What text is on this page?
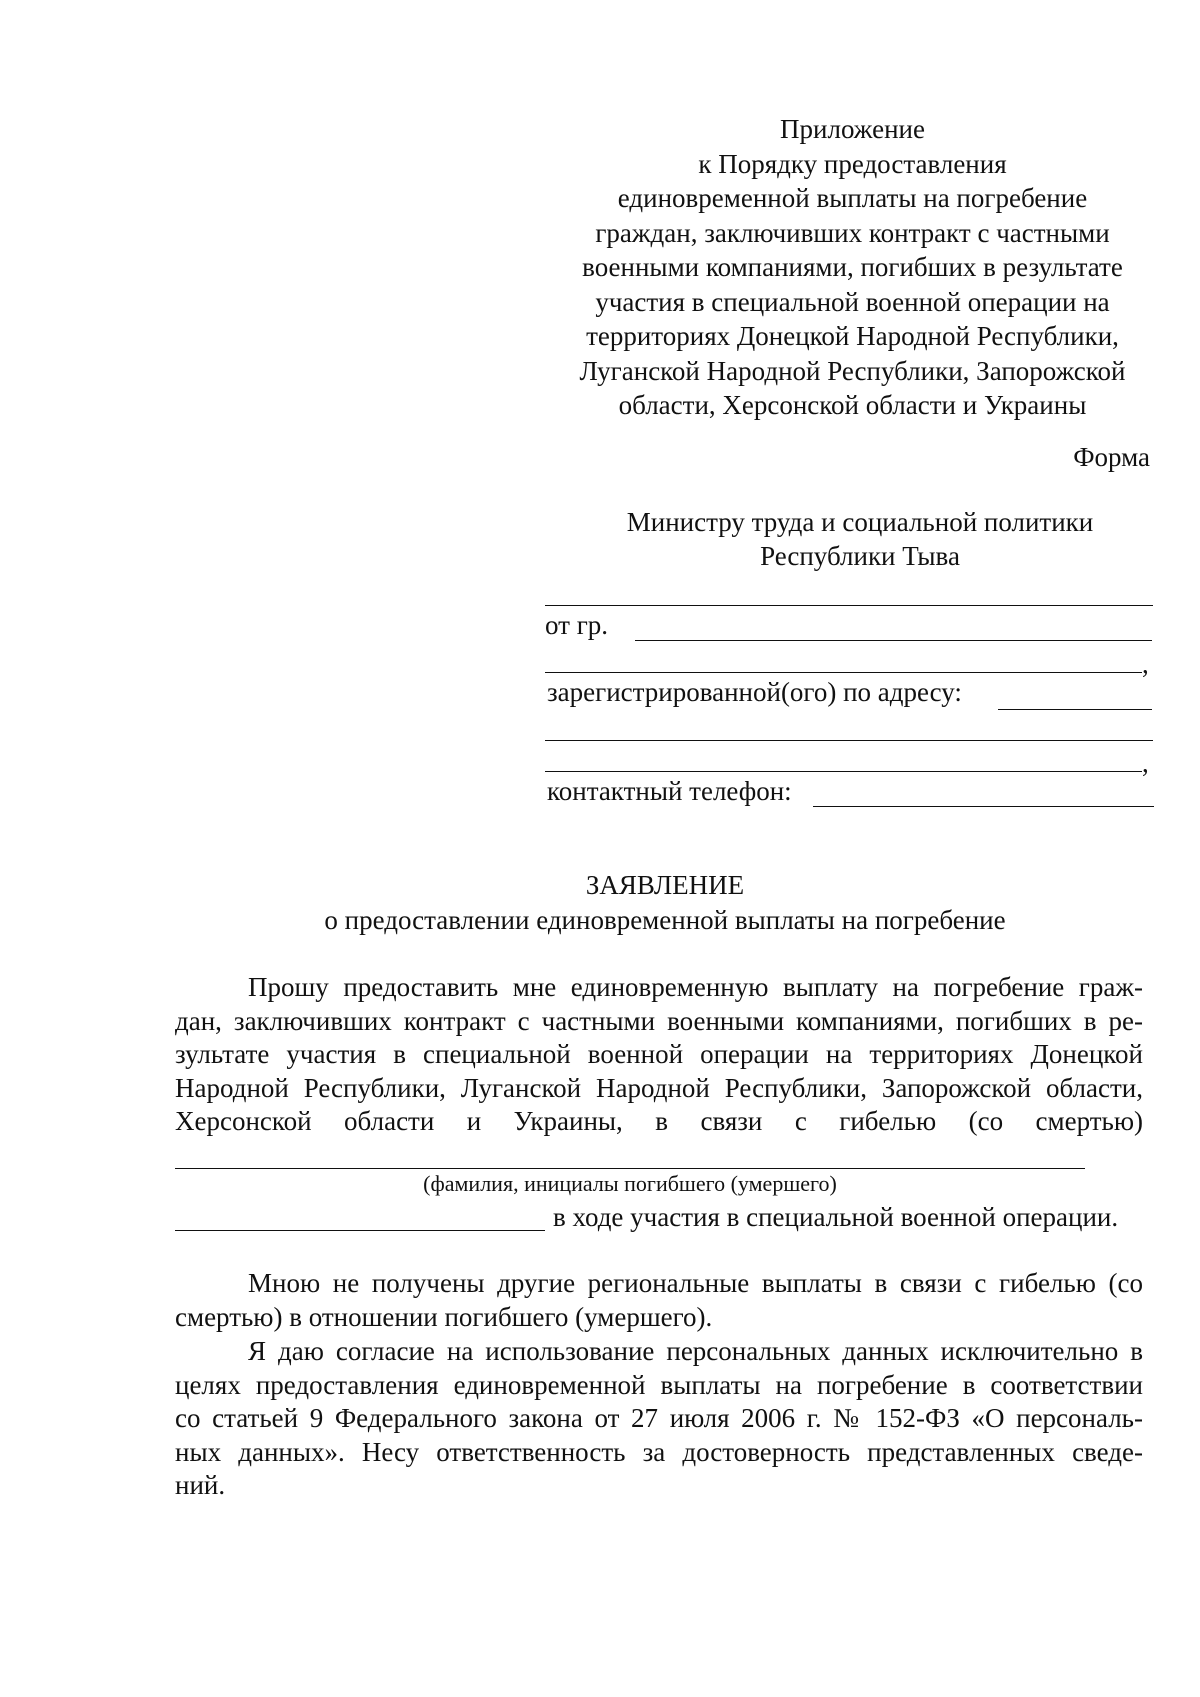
Приложение
к Порядку предоставления
единовременной выплаты на погребение
граждан, заключивших контракт с частными
военными компаниями, погибших в результате
участия в специальной военной операции на
территориях Донецкой Народной Республики,
Луганской Народной Республики, Запорожской
области, Херсонской области и Украины
Форма
Министру труда и социальной политики
Республики Тыва
от гр.
,
зарегистрированной(ого) по адресу:
,
контактный телефон:
ЗАЯВЛЕНИЕ
о предоставлении единовременной выплаты на погребение
Прошу предоставить мне единовременную выплату на погребение граж-
дан, заключивших контракт с частными военными компаниями, погибших в ре-
зультате участия в специальной военной операции на территориях Донецкой
Народной Республики, Луганской Народной Республики, Запорожской области,
Херсонской области и Украины, в связи с гибелью (со смертью)
(фамилия, инициалы погибшего (умершего)
в ходе участия в специальной военной операции.
Мною не получены другие региональные выплаты в связи с гибелью (со
смертью) в отношении погибшего (умершего).
Я даю согласие на использование персональных данных исключительно в
целях предоставления единовременной выплаты на погребение в соответствии
со статьей 9 Федерального закона от 27 июля 2006 г. № 152-ФЗ «О персональ-
ных данных». Несу ответственность за достоверность представленных сведе-
ний.
